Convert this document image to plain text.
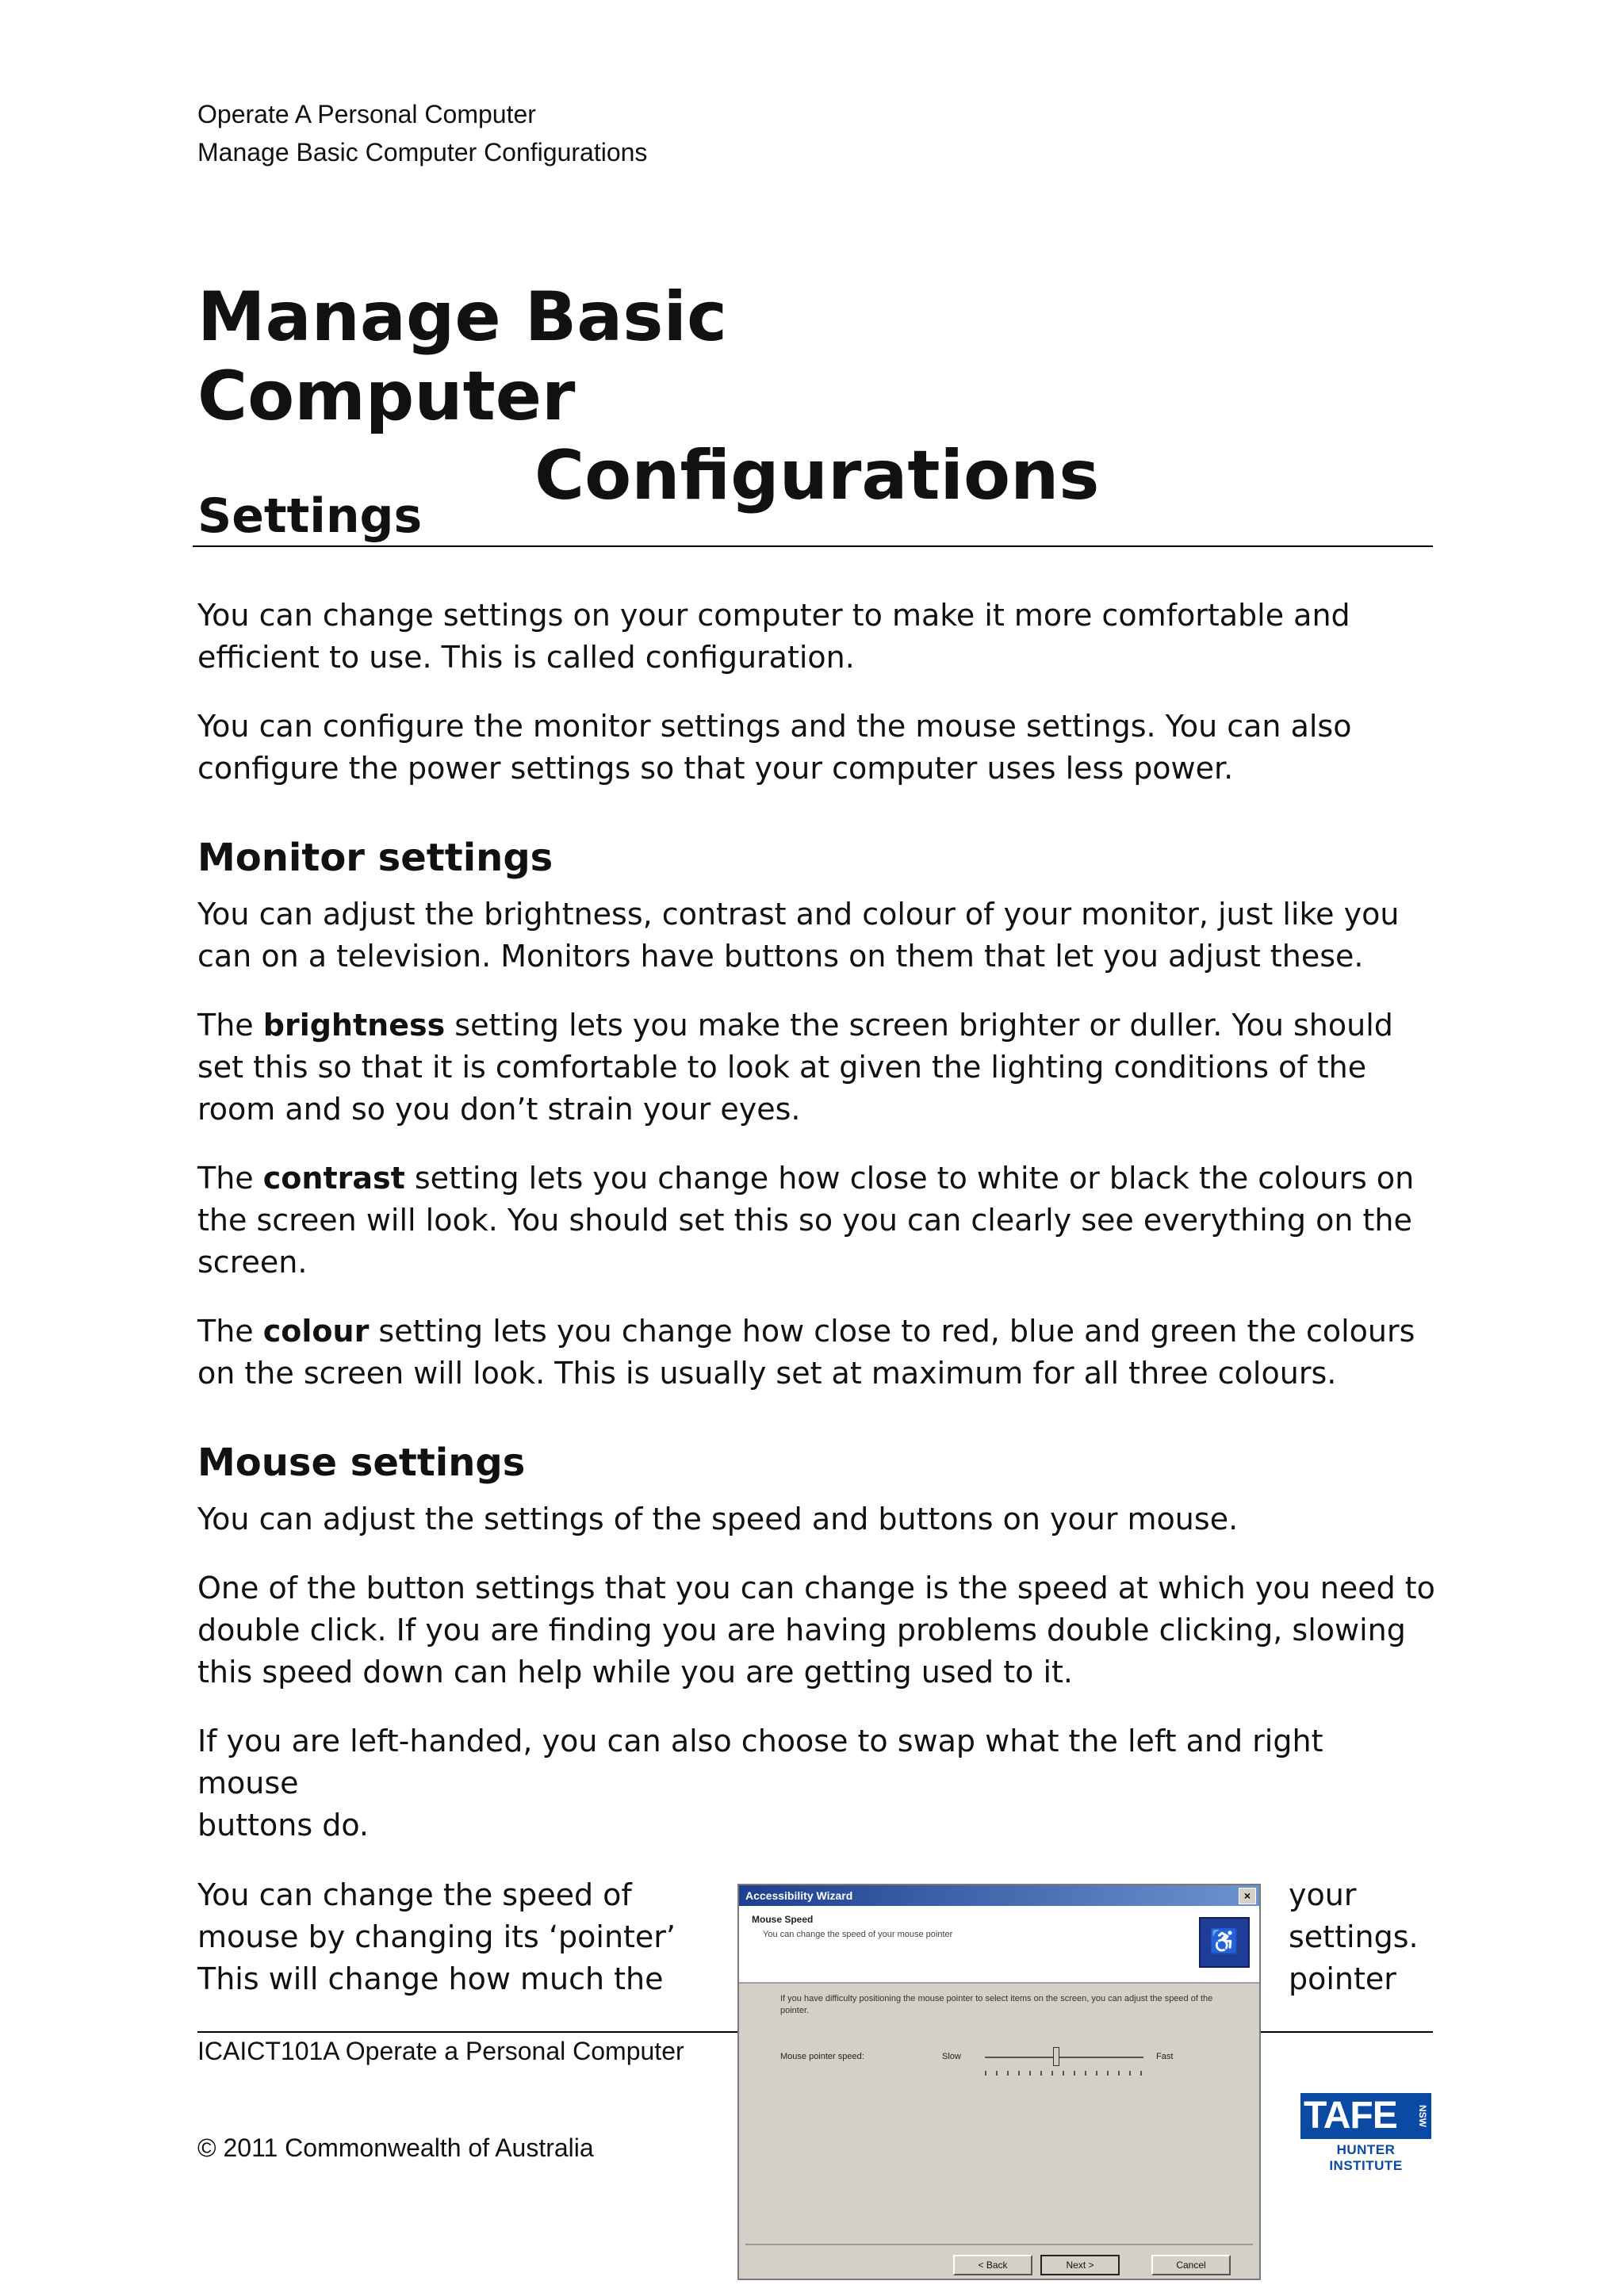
Operate A Personal Computer
Manage Basic Computer Configurations
Manage Basic Computer
Configurations
Settings

You can change settings on your computer to make it more comfortable and efficient to use. This is called configuration.

You can configure the monitor settings and the mouse settings. You can also configure the power settings so that your computer uses less power.

Monitor settings

You can adjust the brightness, contrast and colour of your monitor, just like you can on a television. Monitors have buttons on them that let you adjust these.

The brightness setting lets you make the screen brighter or duller. You should set this so that it is comfortable to look at given the lighting conditions of the room and so you don’t strain your eyes.

The contrast setting lets you change how close to white or black the colours on the screen will look. You should set this so you can clearly see everything on the screen.

The colour setting lets you change how close to red, blue and green the colours on the screen will look. This is usually set at maximum for all three colours.

Mouse settings

You can adjust the settings of the speed and buttons on your mouse.

One of the button settings that you can change is the speed at which you need to double click. If you are finding you are having problems double clicking, slowing this speed down can help while you are getting used to it.

If you are left-handed, you can also choose to swap what the left and right
mouse
buttons do.

You can change the speed of
mouse by changing its ‘pointer’
This will change how much the
your
settings.
pointer
ICAICT101A Operate a Personal Computer
© 2011 Commonwealth of Australia
Accessibility Wizard	×
Mouse Speed
You can change the speed of your mouse pointer	♿
If you have difficulty positioning the mouse pointer to select items on the screen, you can adjust the speed of the pointer.
Mouse pointer speed:	Slow	Fast
< Back	Next >	Cancel
TAFE	NSW
HUNTER INSTITUTE
